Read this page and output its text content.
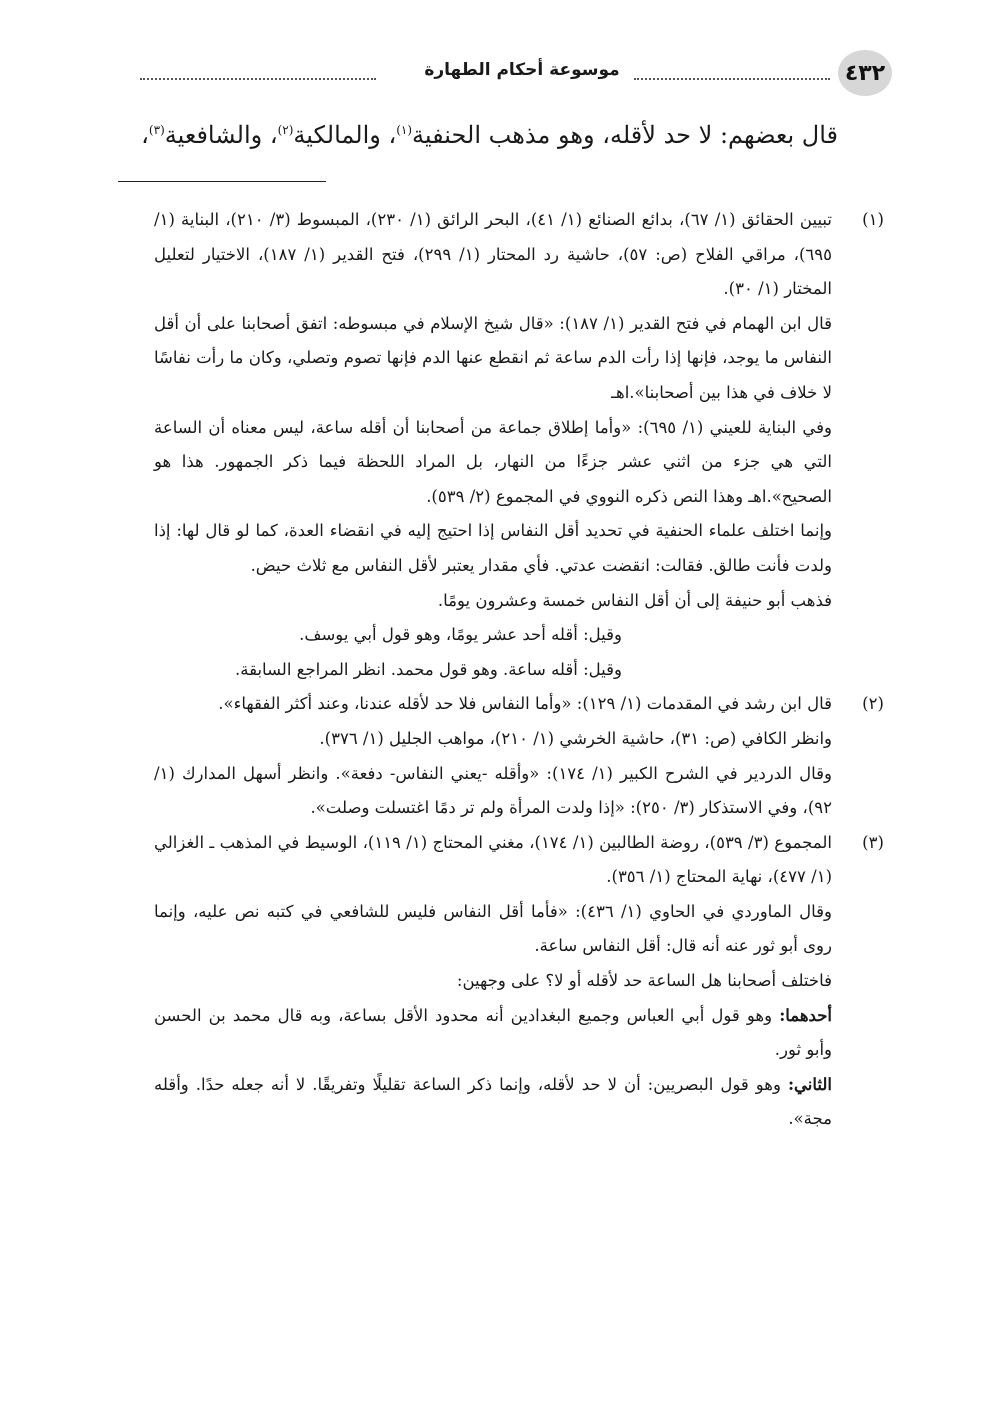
٤٣٢
موسوعة أحكام الطهارة
قال بعضهم: لا حد لأقله، وهو مذهب الحنفية$^{(١)}$، والمالكية$^{(٢)}$، والشافعية$^{(٣)}$،
(١)

تبيين الحقائق (١/ ٦٧)، بدائع الصنائع (١/ ٤١)، البحر الرائق (١/ ٢٣٠)، المبسوط (٣/ ٢١٠)، البناية (١/ ٦٩٥)، مراقي الفلاح (ص: ٥٧)، حاشية رد المحتار (١/ ٢٩٩)، فتح القدير (١/ ١٨٧)، الاختيار لتعليل المختار (١/ ٣٠).

قال ابن الهمام في فتح القدير (١/ ١٨٧): «قال شيخ الإسلام في مبسوطه: اتفق أصحابنا على أن أقل النفاس ما يوجد، فإنها إذا رأت الدم ساعة ثم انقطع عنها الدم فإنها تصوم وتصلي، وكان ما رأت نفاسًا لا خلاف في هذا بين أصحابنا».اهـ

وفي البناية للعيني (١/ ٦٩٥): «وأما إطلاق جماعة من أصحابنا أن أقله ساعة، ليس معناه أن الساعة التي هي جزء من اثني عشر جزءًا من النهار، بل المراد اللحظة فيما ذكر الجمهور. هذا هو الصحيح».اهـ وهذا النص ذكره النووي في المجموع (٢/ ٥٣٩).

وإنما اختلف علماء الحنفية في تحديد أقل النفاس إذا احتيج إليه في انقضاء العدة، كما لو قال لها: إذا ولدت فأنت طالق. فقالت: انقضت عدتي. فأي مقدار يعتبر لأقل النفاس مع ثلاث حيض.

فذهب أبو حنيفة إلى أن أقل النفاس خمسة وعشرون يومًا.

وقيل: أقله أحد عشر يومًا، وهو قول أبي يوسف.

وقيل: أقله ساعة. وهو قول محمد. انظر المراجع السابقة.

(٢)

قال ابن رشد في المقدمات (١/ ١٢٩): «وأما النفاس فلا حد لأقله عندنا، وعند أكثر الفقهاء».

وانظر الكافي (ص: ٣١)، حاشية الخرشي (١/ ٢١٠)، مواهب الجليل (١/ ٣٧٦).

وقال الدردير في الشرح الكبير (١/ ١٧٤): «وأقله -يعني النفاس- دفعة». وانظر أسهل المدارك (١/ ٩٢)، وفي الاستذكار (٣/ ٢٥٠): «إذا ولدت المرأة ولم تر دمًا اغتسلت وصلت».

(٣)

المجموع (٣/ ٥٣٩)، روضة الطالبين (١/ ١٧٤)، مغني المحتاج (١/ ١١٩)، الوسيط في المذهب ـ الغزالي (١/ ٤٧٧)، نهاية المحتاج (١/ ٣٥٦).

وقال الماوردي في الحاوي (١/ ٤٣٦): «فأما أقل النفاس فليس للشافعي في كتبه نص عليه، وإنما روى أبو ثور عنه أنه قال: أقل النفاس ساعة.

فاختلف أصحابنا هل الساعة حد لأقله أو لا؟ على وجهين:

أحدهما: وهو قول أبي العباس وجميع البغدادين أنه محدود الأقل بساعة، وبه قال محمد بن الحسن وأبو ثور.

الثاني: وهو قول البصريين: أن لا حد لأقله، وإنما ذكر الساعة تقليلًا وتفريقًا. لا أنه جعله حدًا. وأقله مجة».
